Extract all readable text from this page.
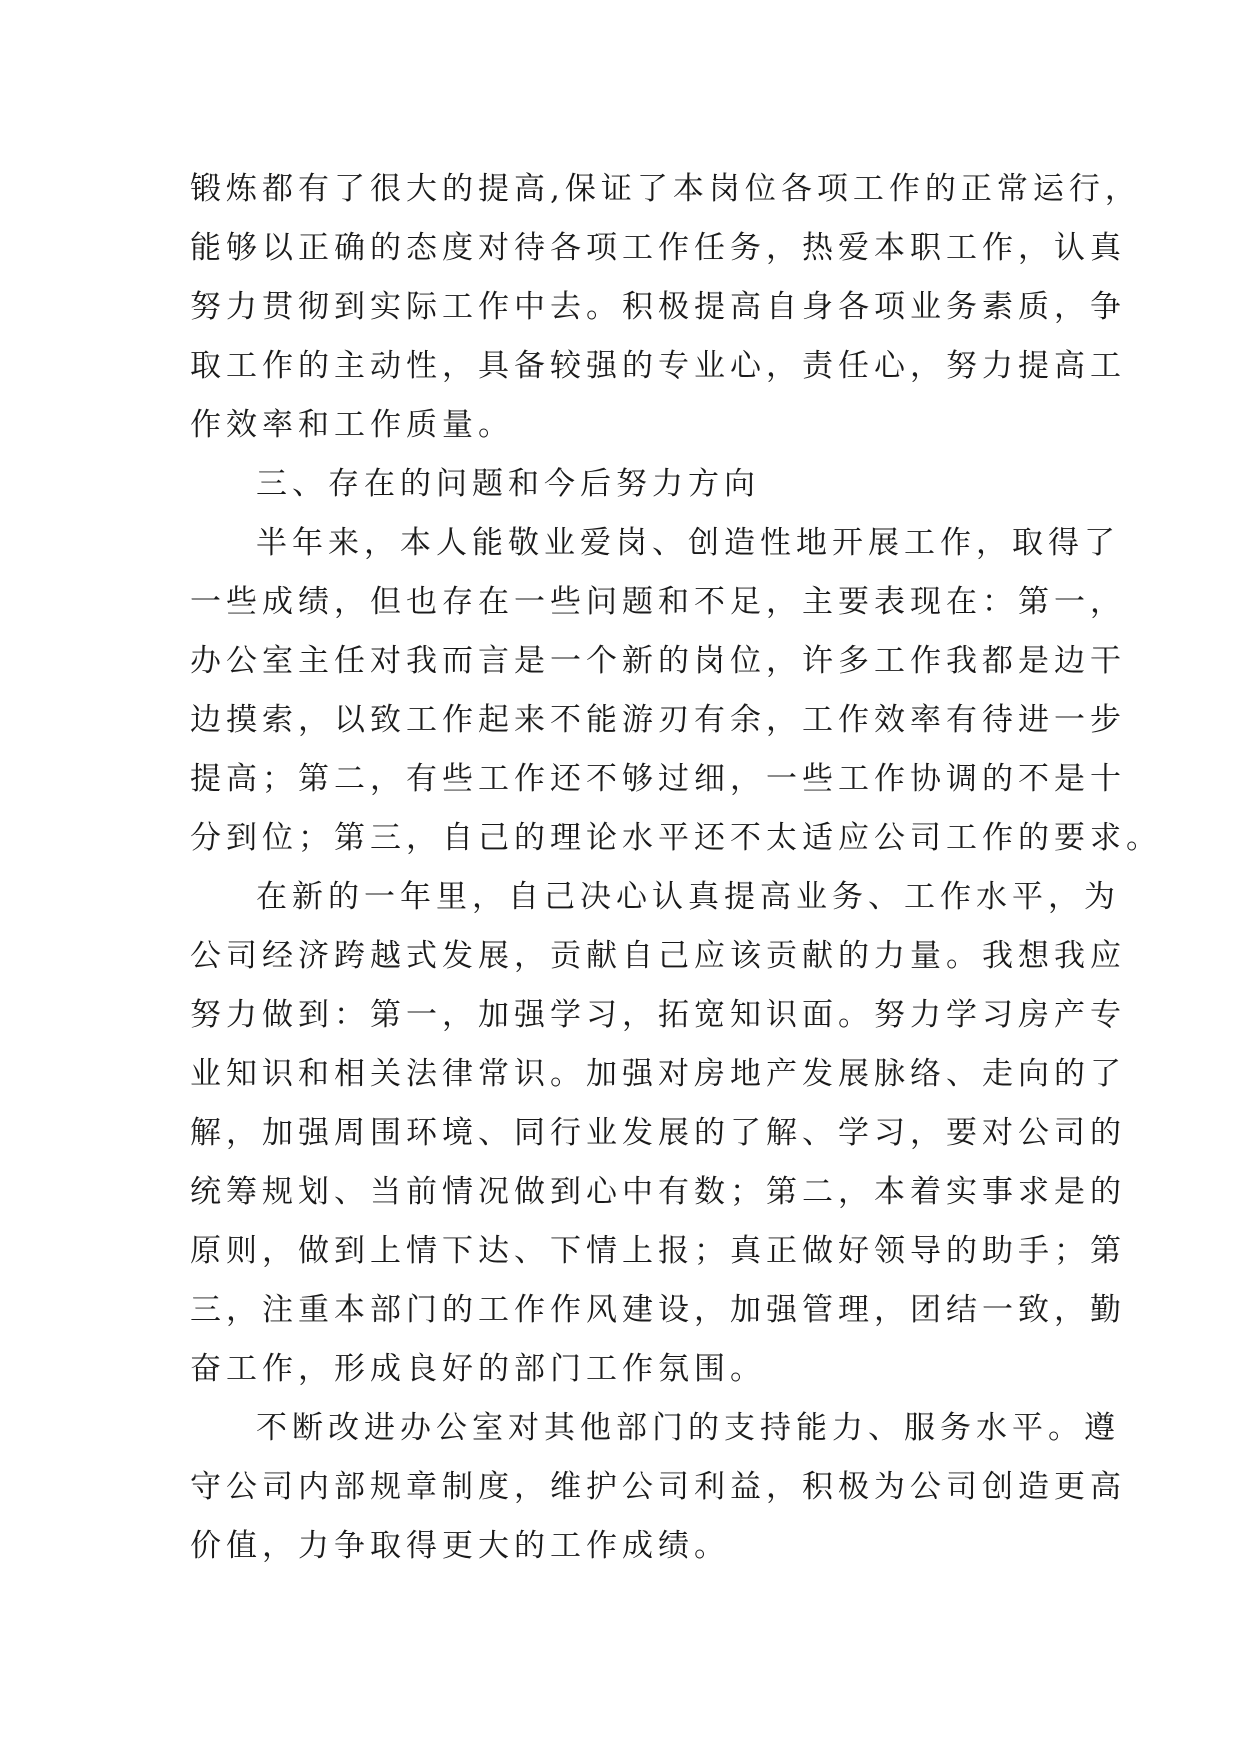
锻炼都有了很大的提高,保证了本岗位各项工作的正常运行，
能够以正确的态度对待各项工作任务，热爱本职工作，认真
努力贯彻到实际工作中去。积极提高自身各项业务素质，争
取工作的主动性，具备较强的专业心，责任心，努力提高工
作效率和工作质量。
三、存在的问题和今后努力方向
半年来，本人能敬业爱岗、创造性地开展工作，取得了
一些成绩，但也存在一些问题和不足，主要表现在：第一，
办公室主任对我而言是一个新的岗位，许多工作我都是边干
边摸索，以致工作起来不能游刃有余，工作效率有待进一步
提高；第二，有些工作还不够过细，一些工作协调的不是十
分到位；第三，自己的理论水平还不太适应公司工作的要求。
在新的一年里，自己决心认真提高业务、工作水平，为
公司经济跨越式发展，贡献自己应该贡献的力量。我想我应
努力做到：第一，加强学习，拓宽知识面。努力学习房产专
业知识和相关法律常识。加强对房地产发展脉络、走向的了
解，加强周围环境、同行业发展的了解、学习，要对公司的
统筹规划、当前情况做到心中有数；第二，本着实事求是的
原则，做到上情下达、下情上报；真正做好领导的助手；第
三，注重本部门的工作作风建设，加强管理，团结一致，勤
奋工作，形成良好的部门工作氛围。
不断改进办公室对其他部门的支持能力、服务水平。遵
守公司内部规章制度，维护公司利益，积极为公司创造更高
价值，力争取得更大的工作成绩。
